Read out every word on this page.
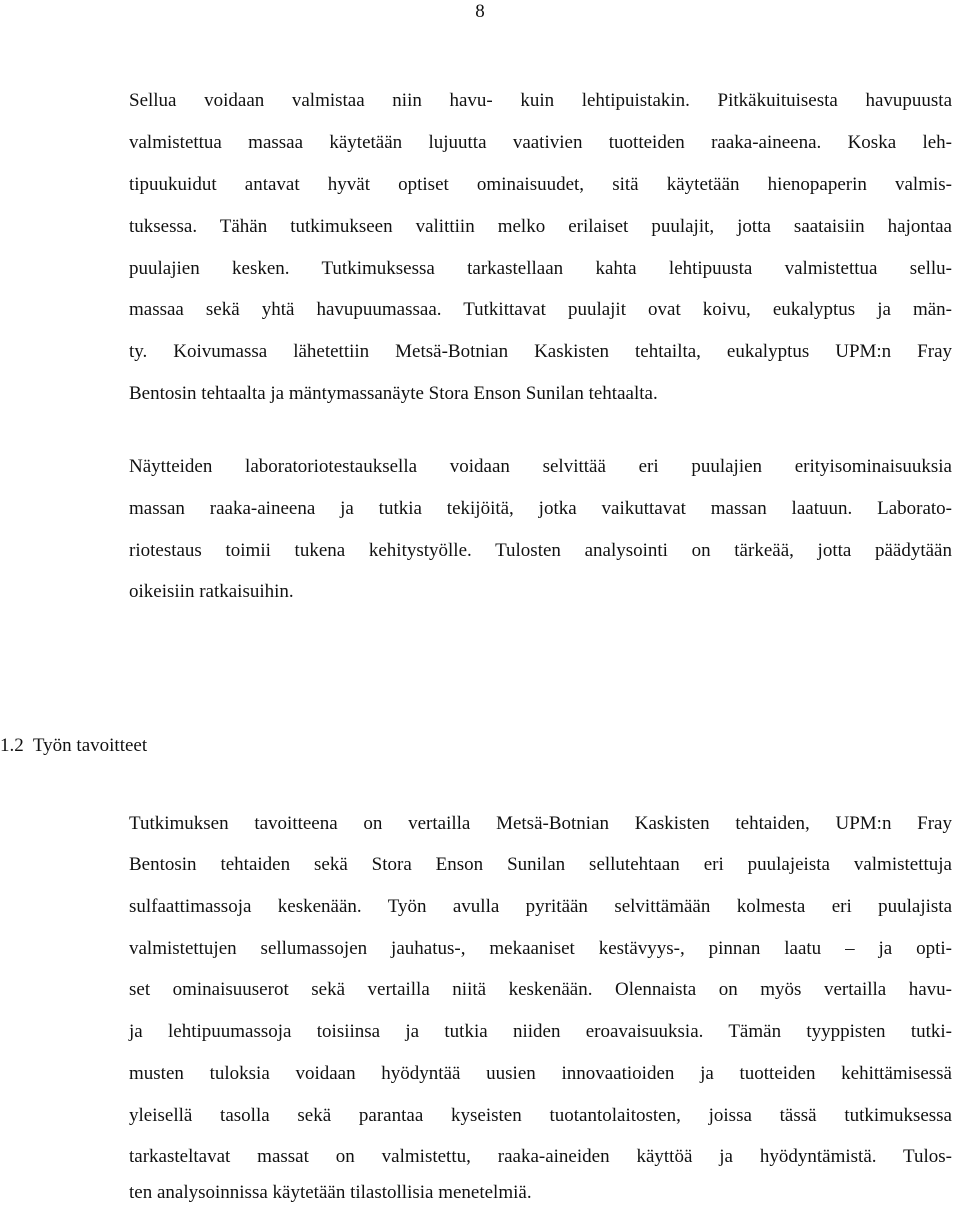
8
Sellua voidaan valmistaa niin havu- kuin lehtipuistakin. Pitkäkuituisesta havupuusta
valmistettua massaa käytetään lujuutta vaativien tuotteiden raaka-aineena. Koska leh-
tipuukuidut antavat hyvät optiset ominaisuudet, sitä käytetään hienopaperin valmis-
tuksessa. Tähän tutkimukseen valittiin melko erilaiset puulajit, jotta saataisiin hajontaa
puulajien kesken. Tutkimuksessa tarkastellaan kahta lehtipuusta valmistettua sellu-
massaa sekä yhtä havupuumassaa. Tutkittavat puulajit ovat koivu, eukalyptus ja män-
ty. Koivumassa lähetettiin Metsä-Botnian Kaskisten tehtailta, eukalyptus UPM:n Fray
Bentosin tehtaalta ja mäntymassanäyte Stora Enson Sunilan tehtaalta.
Näytteiden laboratoriotestauksella voidaan selvittää eri puulajien erityisominaisuuksia
massan raaka-aineena ja tutkia tekijöitä, jotka vaikuttavat massan laatuun. Laborato-
riotestaus toimii tukena kehitystyölle. Tulosten analysointi on tärkeää, jotta päädytään
oikeisiin ratkaisuihin.
1.2  Työn tavoitteet
Tutkimuksen tavoitteena on vertailla Metsä-Botnian Kaskisten tehtaiden, UPM:n Fray
Bentosin tehtaiden sekä Stora Enson Sunilan sellutehtaan eri puulajeista valmistettuja
sulfaattimassoja keskenään. Työn avulla pyritään selvittämään kolmesta eri puulajista
valmistettujen sellumassojen jauhatus-, mekaaniset kestävyys-, pinnan laatu – ja opti-
set ominaisuuserot sekä vertailla niitä keskenään. Olennaista on myös vertailla havu-
ja lehtipuumassoja toisiinsa ja tutkia niiden eroavaisuuksia. Tämän tyyppisten tutki-
musten tuloksia voidaan hyödyntää uusien innovaatioiden ja tuotteiden kehittämisessä
yleisellä tasolla sekä parantaa kyseisten tuotantolaitosten, joissa tässä tutkimuksessa
tarkasteltavat massat on valmistettu, raaka-aineiden käyttöä ja hyödyntämistä. Tulos-
ten analysoinnissa käytetään tilastollisia menetelmiä.
